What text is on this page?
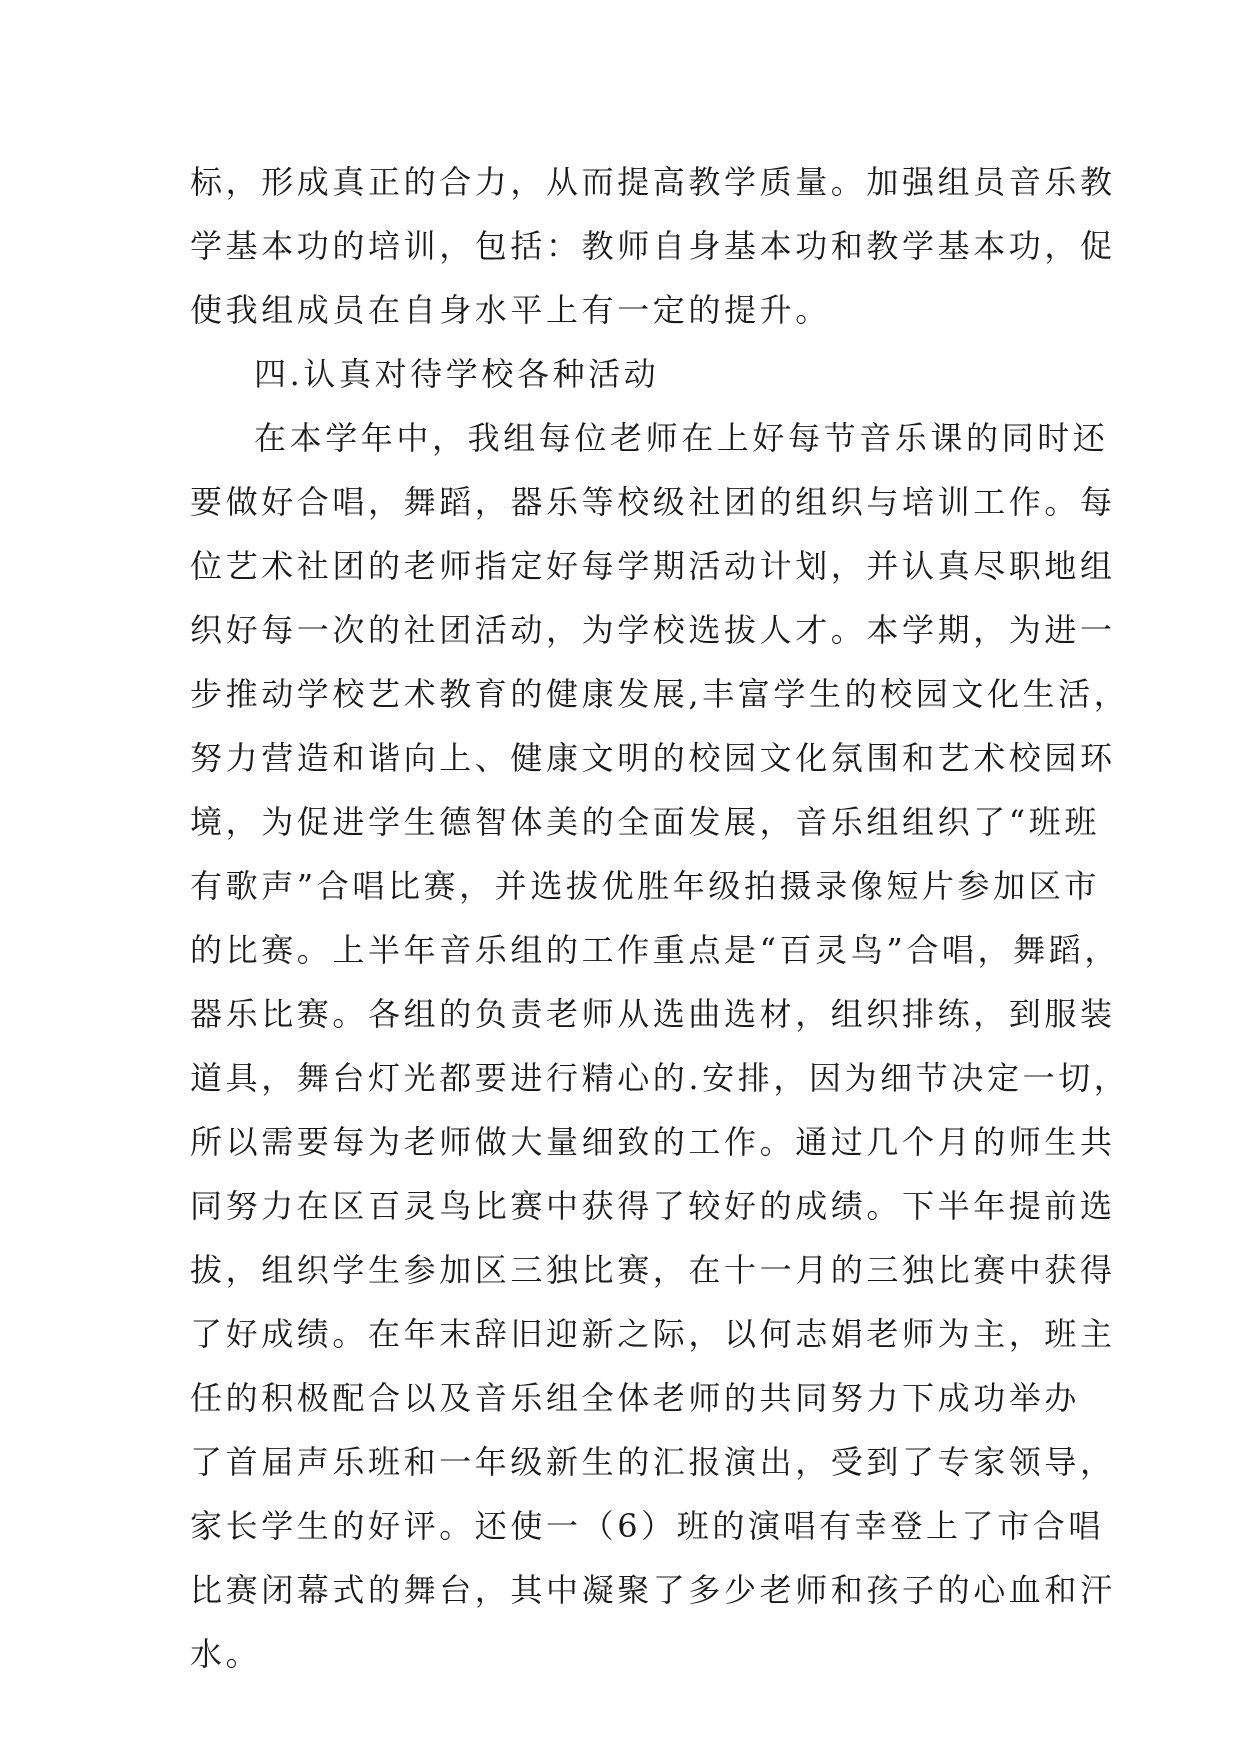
标，形成真正的合力，从而提高教学质量。加强组员音乐教
学基本功的培训，包括：教师自身基本功和教学基本功，促
使我组成员在自身水平上有一定的提升。
四.认真对待学校各种活动
在本学年中，我组每位老师在上好每节音乐课的同时还
要做好合唱，舞蹈，器乐等校级社团的组织与培训工作。每
位艺术社团的老师指定好每学期活动计划，并认真尽职地组
织好每一次的社团活动，为学校选拔人才。本学期，为进一
步推动学校艺术教育的健康发展,丰富学生的校园文化生活，
努力营造和谐向上、健康文明的校园文化氛围和艺术校园环
境，为促进学生德智体美的全面发展，音乐组组织了“班班
有歌声”合唱比赛，并选拔优胜年级拍摄录像短片参加区市
的比赛。上半年音乐组的工作重点是“百灵鸟”合唱，舞蹈，
器乐比赛。各组的负责老师从选曲选材，组织排练，到服装
道具，舞台灯光都要进行精心的.安排，因为细节决定一切，
所以需要每为老师做大量细致的工作。通过几个月的师生共
同努力在区百灵鸟比赛中获得了较好的成绩。下半年提前选
拔，组织学生参加区三独比赛，在十一月的三独比赛中获得
了好成绩。在年末辞旧迎新之际，以何志娟老师为主，班主
任的积极配合以及音乐组全体老师的共同努力下成功举办
了首届声乐班和一年级新生的汇报演出，受到了专家领导，
家长学生的好评。还使一（6）班的演唱有幸登上了市合唱
比赛闭幕式的舞台，其中凝聚了多少老师和孩子的心血和汗
水。
